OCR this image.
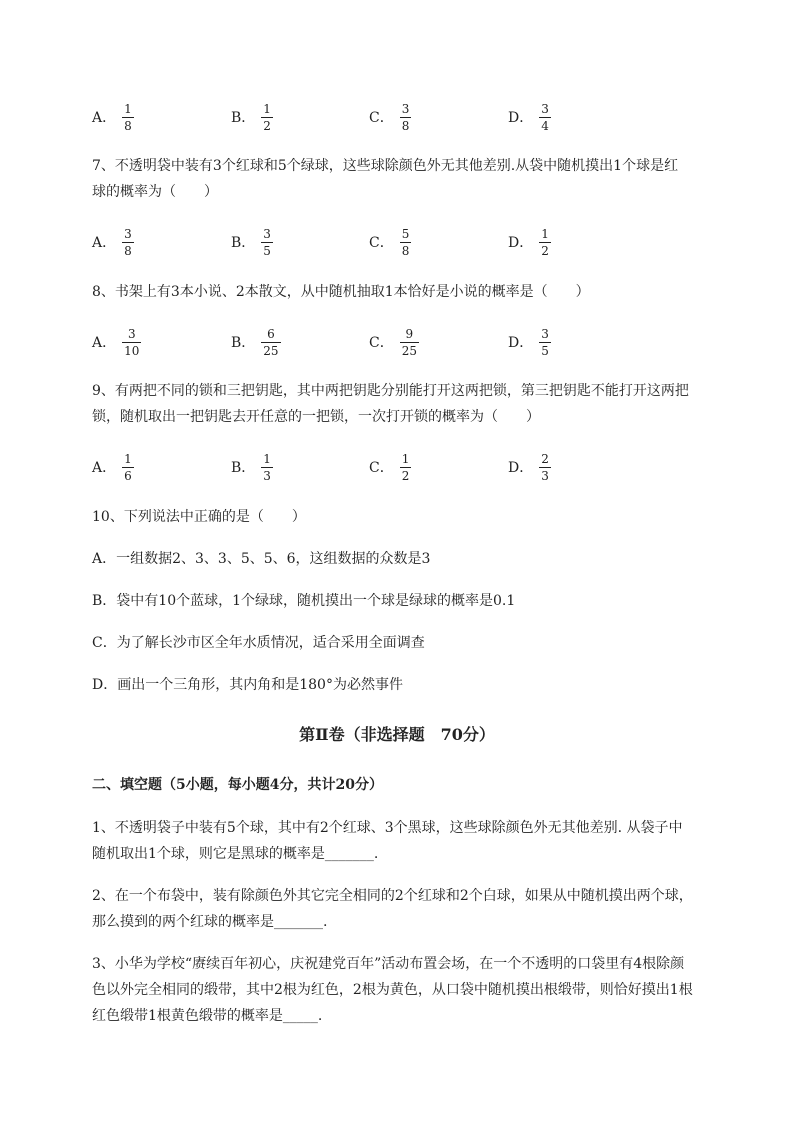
A． $\frac{1}{8}$	B． $\frac{1}{2}$	C． $\frac{3}{8}$	D． $\frac{3}{4}$
7、不透明袋中装有3个红球和5个绿球，这些球除颜色外无其他差别.从袋中随机摸出1个球是红
球的概率为（　　）
A． $\frac{3}{8}$	B． $\frac{3}{5}$	C． $\frac{5}{8}$	D． $\frac{1}{2}$
8、书架上有3本小说、2本散文，从中随机抽取1本恰好是小说的概率是（　　）
A． $\frac{3}{10}$	B． $\frac{6}{25}$	C． $\frac{9}{25}$	D． $\frac{3}{5}$
9、有两把不同的锁和三把钥匙，其中两把钥匙分别能打开这两把锁，第三把钥匙不能打开这两把
锁，随机取出一把钥匙去开任意的一把锁，一次打开锁的概率为（　　）
A． $\frac{1}{6}$	B． $\frac{1}{3}$	C． $\frac{1}{2}$	D． $\frac{2}{3}$
10、下列说法中正确的是（　　）
A．一组数据2、3、3、5、5、6，这组数据的众数是3
B．袋中有10个蓝球，1个绿球，随机摸出一个球是绿球的概率是0.1
C．为了解长沙市区全年水质情况，适合采用全面调查
D．画出一个三角形，其内角和是180°为必然事件
第Ⅱ卷（非选择题　70分）
二、填空题（5小题，每小题4分，共计20分）
1、不透明袋子中装有5个球，其中有2个红球、3个黑球，这些球除颜色外无其他差别. 从袋子中
随机取出1个球，则它是黑球的概率是_______.
2、在一个布袋中，装有除颜色外其它完全相同的2个红球和2个白球，如果从中随机摸出两个球，
那么摸到的两个红球的概率是_______.
3、小华为学校“赓续百年初心，庆祝建党百年”活动布置会场，在一个不透明的口袋里有4根除颜
色以外完全相同的缎带，其中2根为红色，2根为黄色，从口袋中随机摸出根缎带，则恰好摸出1根
红色缎带1根黄色缎带的概率是_____.
